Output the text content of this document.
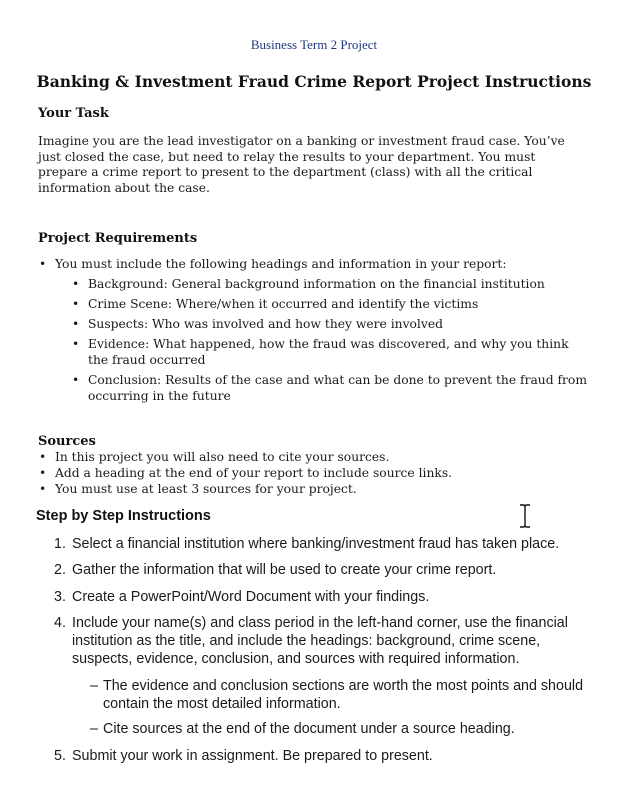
Business Term 2 Project
Banking & Investment Fraud Crime Report Project Instructions
Your Task
Imagine you are the lead investigator on a banking or investment fraud case. You’ve
just closed the case, but need to relay the results to your department. You must
prepare a crime report to present to the department (class) with all the critical
information about the case.
Project Requirements
• You must include the following headings and information in your report:
• Background: General background information on the financial institution
• Crime Scene: Where/when it occurred and identify the victims
• Suspects: Who was involved and how they were involved
• Evidence: What happened, how the fraud was discovered, and why you think
the fraud occurred
• Conclusion: Results of the case and what can be done to prevent the fraud from
occurring in the future
Sources
• In this project you will also need to cite your sources.
• Add a heading at the end of your report to include source links.
• You must use at least 3 sources for your project.
Step by Step Instructions
1. Select a financial institution where banking/investment fraud has taken place.
2. Gather the information that will be used to create your crime report.
3. Create a PowerPoint/Word Document with your findings.
4. Include your name(s) and class period in the left-hand corner, use the financial
institution as the title, and include the headings: background, crime scene,
suspects, evidence, conclusion, and sources with required information.
– The evidence and conclusion sections are worth the most points and should
contain the most detailed information.
– Cite sources at the end of the document under a source heading.
5. Submit your work in assignment. Be prepared to present.
